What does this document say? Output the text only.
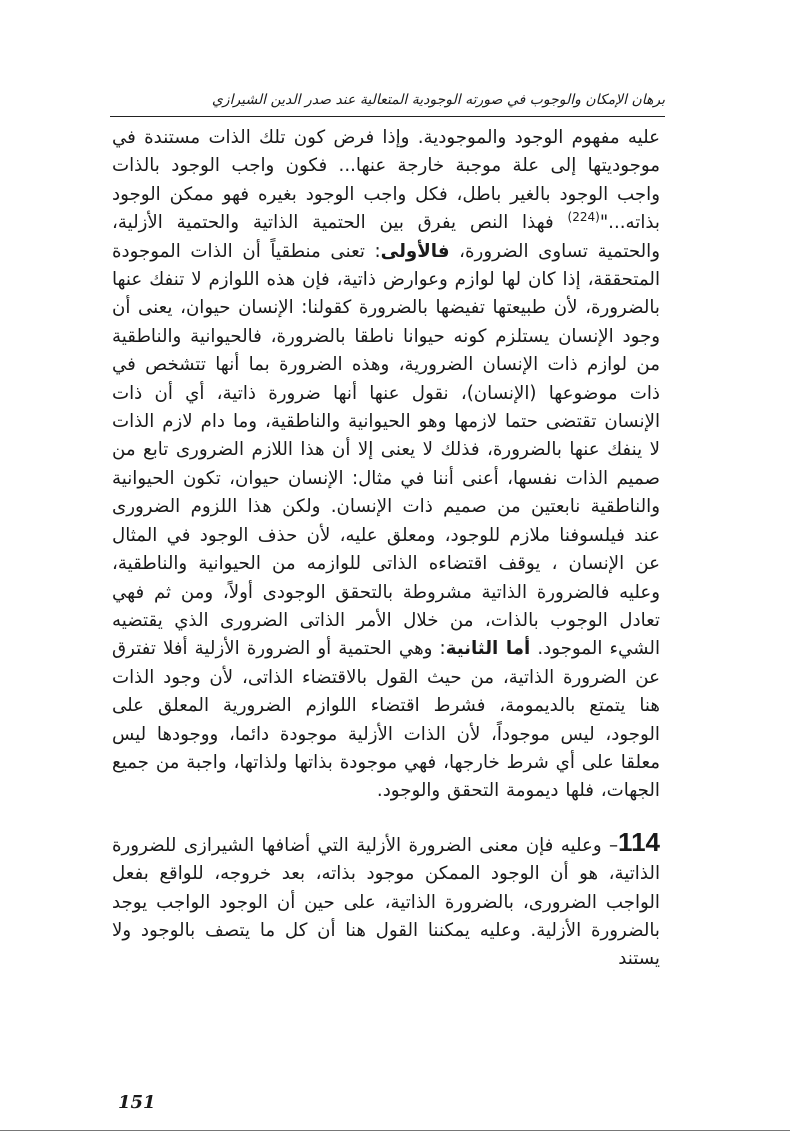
برهان الإمكان والوجوب في صورته الوجودية المتعالية عند صدر الدين الشيرازي

عليه مفهوم الوجود والموجودية. وإذا فرض كون تلك الذات مستندة في موجوديتها إلى علة موجبة خارجة عنها... فكون واجب الوجود بالذات واجب الوجود بالغير باطل، فكل واجب الوجود بغيره فهو ممكن الوجود بذاته..."$^{(224)}$ فهذا النص يفرق بين الحتمية الذاتية والحتمية الأزلية، والحتمية تساوى الضرورة، فالأولى: تعنى منطقياً أن الذات الموجودة المتحققة، إذا كان لها لوازم وعوارض ذاتية، فإن هذه اللوازم لا تنفك عنها بالضرورة، لأن طبيعتها تفيضها بالضرورة كقولنا: الإنسان حيوان، يعنى أن وجود الإنسان يستلزم كونه حيوانا ناطقا بالضرورة، فالحيوانية والناطقية من لوازم ذات الإنسان الضرورية، وهذه الضرورة بما أنها تتشخص في ذات موضوعها (الإنسان)، نقول عنها أنها ضرورة ذاتية، أي أن ذات الإنسان تقتضى حتما لازمها وهو الحيوانية والناطقية، وما دام لازم الذات لا ينفك عنها بالضرورة، فذلك لا يعنى إلا أن هذا اللازم الضرورى تابع من صميم الذات نفسها، أعنى أننا في مثال: الإنسان حيوان، تكون الحيوانية والناطقية نابعتين من صميم ذات الإنسان. ولكن هذا اللزوم الضرورى عند فيلسوفنا ملازم للوجود، ومعلق عليه، لأن حذف الوجود في المثال عن الإنسان ، يوقف اقتضاءه الذاتى للوازمه من الحيوانية والناطقية، وعليه فالضرورة الذاتية مشروطة بالتحقق الوجودى أولاً، ومن ثم فهي تعادل الوجوب بالذات، من خلال الأمر الذاتى الضرورى الذي يقتضيه الشيء الموجود. أما الثانية: وهي الحتمية أو الضرورة الأزلية أفلا تفترق عن الضرورة الذاتية، من حيث القول بالاقتضاء الذاتى، لأن وجود الذات هنا يتمتع بالديمومة، فشرط اقتضاء اللوازم الضرورية المعلق على الوجود، ليس موجوداً، لأن الذات الأزلية موجودة دائما، ووجودها ليس معلقا على أي شرط خارجها، فهي موجودة بذاتها ولذاتها، واجبة من جميع الجهات، فلها ديمومة التحقق والوجود.

114– وعليه فإن معنى الضرورة الأزلية التي أضافها الشيرازى للضرورة الذاتية، هو أن الوجود الممكن موجود بذاته، بعد خروجه، للواقع بفعل الواجب الضرورى، بالضرورة الذاتية، على حين أن الوجود الواجب يوجد بالضرورة الأزلية. وعليه يمكننا القول هنا أن كل ما يتصف بالوجود ولا يستند

151
